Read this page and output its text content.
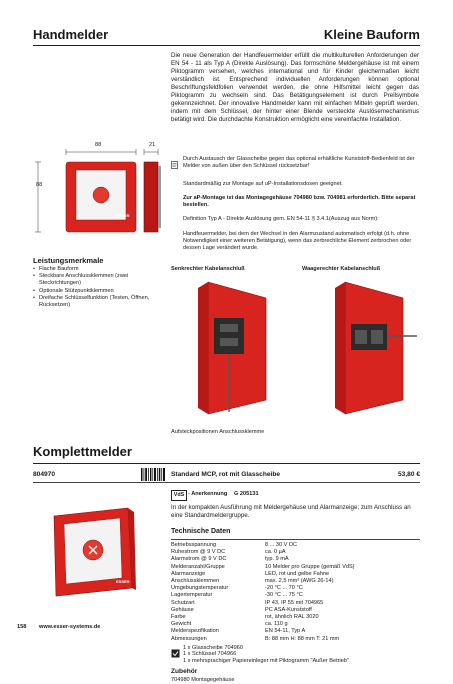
Handmelder	Kleine Bauform
Die neue Generation der Handfeuermelder erfüllt die multikulturellen Anforderungen der EN 54 - 11 als Typ A (Direkte Auslösung). Das formschöne Meldergehäuse ist mit einem Piktogramm versehen, welches international und für Kinder gleichermaßen leicht verständlich ist. Entsprechend individuellen Anforderungen können optional Beschriftungsfeldfolien verwendet werden, die ohne Hilfsmittel leicht gegen das Piktogramm zu wechseln sind. Das Betätigungselement ist durch Prellsymbole gekennzeichnet. Der innovative Handmelder kann mit einfachen Mitteln geprüft werden, indem mit dem Schlüssel, der hinter einer Blende versteckte Auslösemechanismus betätigt wird. Die durchdachte Konstruktion ermöglicht eine vereinfachte Installation.
Durch Austausch der Glasscheibe gegen das optional erhältliche Kunststoff-Bedienfeld ist der Melder von außen über den Schlüssel rücksetzbar!
Standardmäßig zur Montage auf uP-Installationsdosen geeignet.
Zur aP-Montage ist das Montagegehäuse 704980 bzw. 704981 erforderlich. Bitte separat bestellen.
Definition Typ A - Direkte Auslösung gem. EN 54-11 § 3.4.1(Auszug aus Norm):
Handfeuermelder, bei dem der Wechsel in den Alarmzustand automatisch erfolgt (d.h. ohne Notwendigkeit einer weiteren Betätigung), wenn das zerbrechliche Element zerbrochen oder dessen Lage verändert wurde.
88	21
88
ESSER
Leistungsmerkmale
• Flache Bauform
• Steckbare Anschlussklemmen (zwei Steckrichtungen)
• Optionale Stützpunktklemmen
• Dreifache Schlüsselfunktion (Testen, Öffnen, Rücksetzen)
Senkrechter Kabelanschluß	Waagerechter Kabelanschluß
Aufsteckpositionen Anschlussklemme
Komplettmelder
804970	Standard MCP, rot mit Glasscheibe	53,80 €
ESSER
VdS - Anerkennung G 205131
In der kompakten Ausführung mit Meldergehäuse und Alarmanzeige; zum Anschluss an eine Standardmeldergruppe.
Technische Daten
Betriebsspannung	8 ... 30 V DC
Ruhestrom @ 9 V DC	ca. 0 µA
Alarmstrom @ 9 V DC	typ. 9 mA
Melderanzahl/Gruppe	10 Melder pro Gruppe (gemäß VdS)
Alarmanzeige	LED, rot und gelbe Fahne
Anschlussklemmen	max. 2,5 mm² (AWG 26-14)
Umgebungstemperatur	-20 °C ... 70 °C
Lagertemperatur	-30 °C ... 75 °C
Schutzart	IP 43, IP 55 mit 704965
Gehäuse	PC ASA-Kunststoff
Farbe	rot, ähnlich RAL 3020
Gewicht	ca. 110 g
Melderspezifikation	EN 54-11, Typ A
Abmessungen	B: 88 mm H: 88 mm T: 21 mm
1 x Glasscheibe 704960
1 x Schlüssel 704966
1 x mehrsprachiger Papiereinleger mit Piktogramm "Außer Betrieb"
158 www.esser-systems.de
Zubehör
704980 Montagegehäuse
